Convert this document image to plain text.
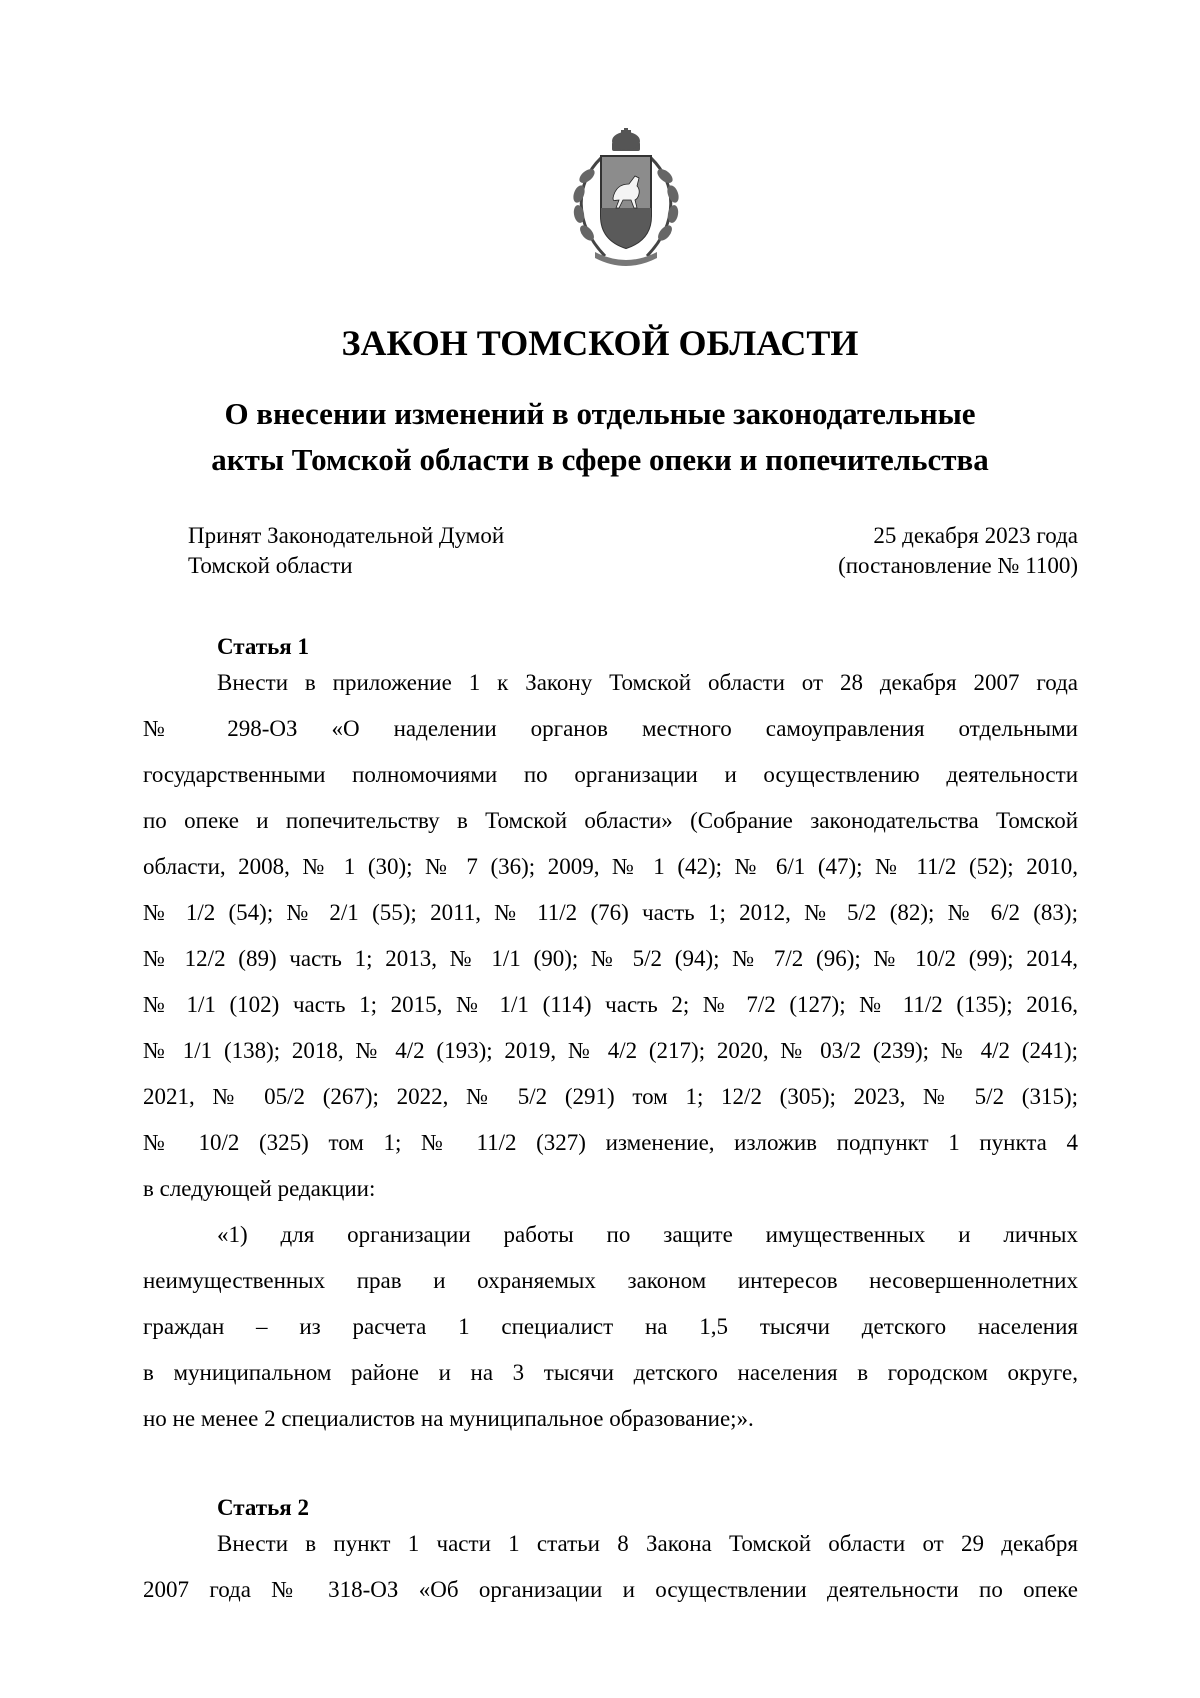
ЗАКОН ТОМСКОЙ ОБЛАСТИ
О внесении изменений в отдельные законодательные
акты Томской области в сфере опеки и попечительства
Принят Законодательной Думой
Томской области
25 декабря 2023 года
(постановление № 1100)
Статья 1
Внести в приложение 1 к Закону Томской области от 28 декабря 2007 года
№ 298-ОЗ «О наделении органов местного самоуправления отдельными
государственными полномочиями по организации и осуществлению деятельности
по опеке и попечительству в Томской области» (Собрание законодательства Томской
области, 2008, № 1 (30); № 7 (36); 2009, № 1 (42); № 6/1 (47); № 11/2 (52); 2010,
№ 1/2 (54); № 2/1 (55); 2011, № 11/2 (76) часть 1; 2012, № 5/2 (82); № 6/2 (83);
№ 12/2 (89) часть 1; 2013, № 1/1 (90); № 5/2 (94); № 7/2 (96); № 10/2 (99); 2014,
№ 1/1 (102) часть 1; 2015, № 1/1 (114) часть 2; № 7/2 (127); № 11/2 (135); 2016,
№ 1/1 (138); 2018, № 4/2 (193); 2019, № 4/2 (217); 2020, № 03/2 (239); № 4/2 (241);
2021, № 05/2 (267); 2022, № 5/2 (291) том 1; 12/2 (305); 2023, № 5/2 (315);
№ 10/2 (325) том 1; № 11/2 (327) изменение, изложив подпункт 1 пункта 4
в следующей редакции:
«1) для организации работы по защите имущественных и личных
неимущественных прав и охраняемых законом интересов несовершеннолетних
граждан – из расчета 1 специалист на 1,5 тысячи детского населения
в муниципальном районе и на 3 тысячи детского населения в городском округе,
но не менее 2 специалистов на муниципальное образование;».
Статья 2
Внести в пункт 1 части 1 статьи 8 Закона Томской области от 29 декабря
2007 года № 318-ОЗ «Об организации и осуществлении деятельности по опеке
